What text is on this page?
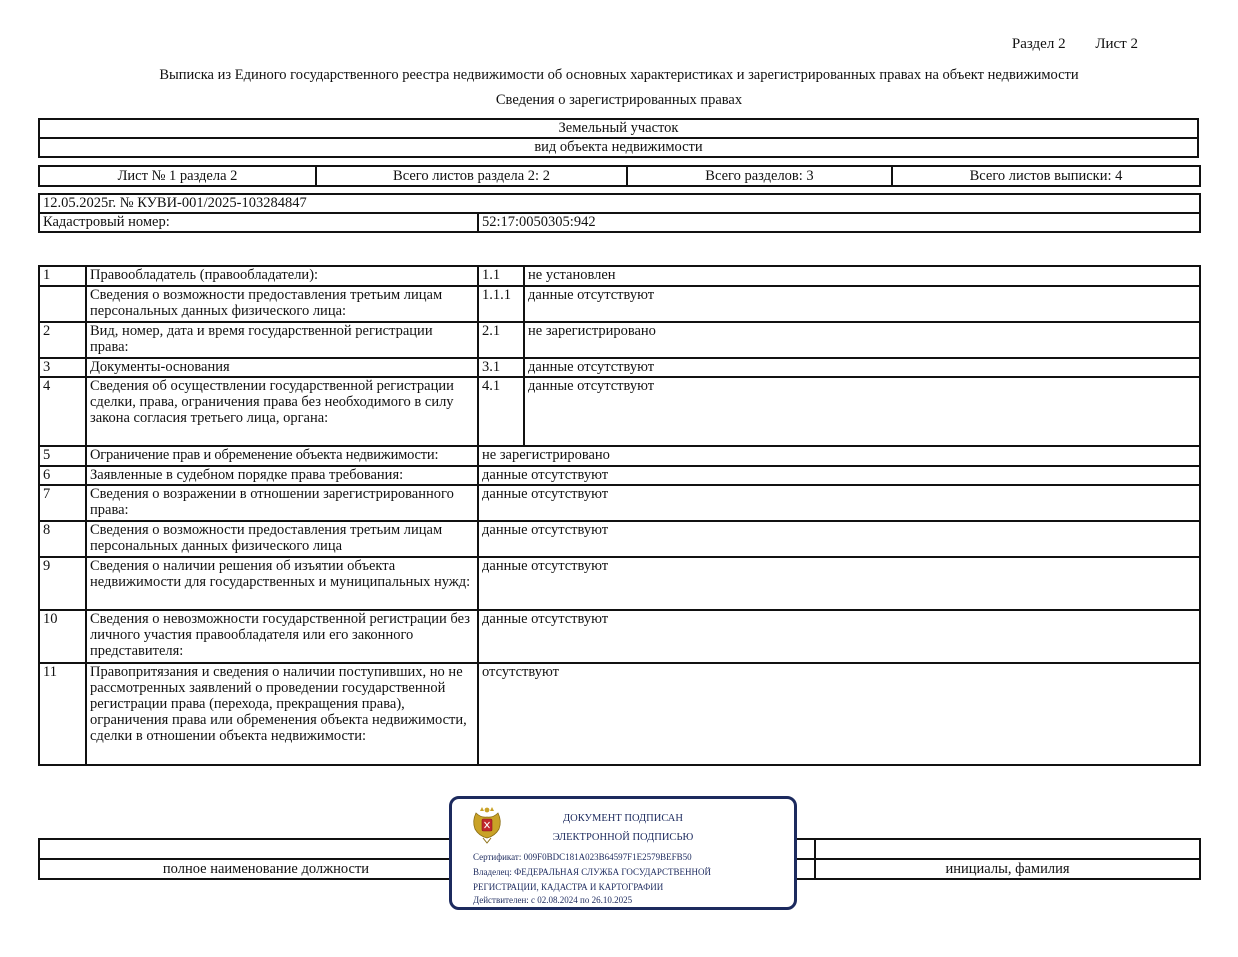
Раздел 2 Лист 2
Выписка из Единого государственного реестра недвижимости об основных характеристиках и зарегистрированных правах на объект недвижимости
Сведения о зарегистрированных правах
Земельный участок
вид объекта недвижимости
Лист № 1 раздела 2	Всего листов раздела 2: 2	Всего разделов: 3	Всего листов выписки: 4
12.05.2025г. № КУВИ-001/2025-103284847
Кадастровый номер:	52:17:0050305:942
1	Правообладатель (правообладатели):	1.1	не установлен
	Сведения о возможности предоставления третьим лицам персональных данных физического лица:	1.1.1	данные отсутствуют
2	Вид, номер, дата и время государственной регистрации права:	2.1	не зарегистрировано
3	Документы-основания	3.1	данные отсутствуют
4	Сведения об осуществлении государственной регистрации сделки, права, ограничения права без необходимого в силу закона согласия третьего лица, органа:	4.1	данные отсутствуют
5	Ограничение прав и обременение объекта недвижимости:	не зарегистрировано	
6	Заявленные в судебном порядке права требования:	данные отсутствуют	
7	Сведения о возражении в отношении зарегистрированного права:	данные отсутствуют	
8	Сведения о возможности предоставления третьим лицам персональных данных физического лица	данные отсутствуют	
9	Сведения о наличии решения об изъятии объекта недвижимости для государственных и муниципальных нужд:	данные отсутствуют	
10	Сведения о невозможности государственной регистрации без личного участия правообладателя или его законного представителя:	данные отсутствуют	
11	Правопритязания и сведения о наличии поступивших, но не рассмотренных заявлений о проведении государственной регистрации права (перехода, прекращения права), ограничения права или обременения объекта недвижимости, сделки в отношении объекта недвижимости:	отсутствуют	

полное наименование должности		инициалы, фамилия
ДОКУМЕНТ ПОДПИСАН
ЭЛЕКТРОННОЙ ПОДПИСЬЮ
Сертификат: 009F0BDC181A023B64597F1E2579BEFB50
Владелец: ФЕДЕРАЛЬНАЯ СЛУЖБА ГОСУДАРСТВЕННОЙ
РЕГИСТРАЦИИ, КАДАСТРА И КАРТОГРАФИИ
Действителен: с 02.08.2024 по 26.10.2025
